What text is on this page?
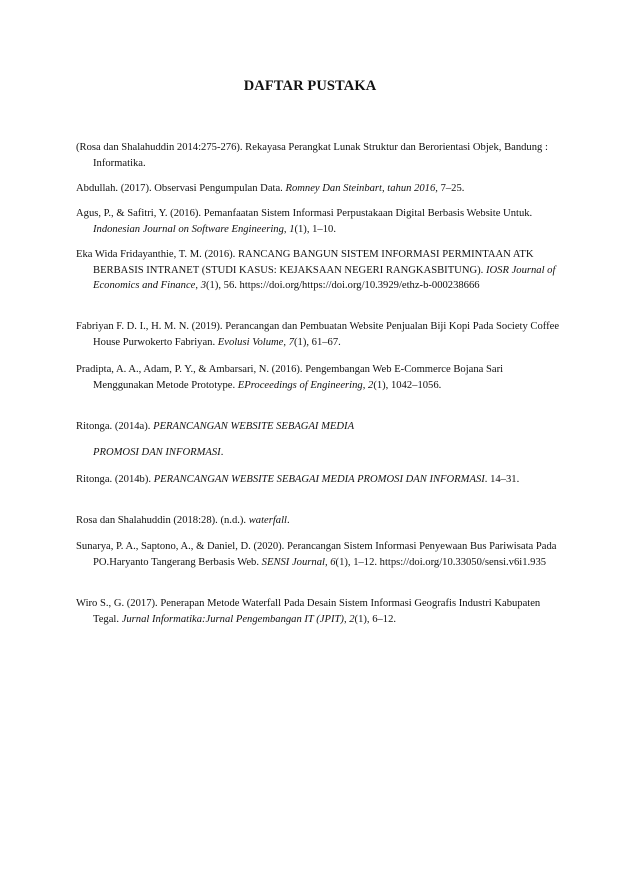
DAFTAR PUSTAKA
(Rosa dan Shalahuddin 2014:275-276). Rekayasa Perangkat Lunak Struktur dan Berorientasi Objek, Bandung : Informatika.
Abdullah. (2017). Observasi Pengumpulan Data. Romney Dan Steinbart, tahun 2016, 7–25.
Agus, P., & Safitri, Y. (2016). Pemanfaatan Sistem Informasi Perpustakaan Digital Berbasis Website Untuk. Indonesian Journal on Software Engineering, 1(1), 1–10.
Eka Wida Fridayanthie, T. M. (2016). RANCANG BANGUN SISTEM INFORMASI PERMINTAAN ATK BERBASIS INTRANET (STUDI KASUS: KEJAKSAAN NEGERI RANGKASBITUNG). IOSR Journal of Economics and Finance, 3(1), 56. https://doi.org/https://doi.org/10.3929/ethz-b-000238666
Fabriyan F. D. I., H. M. N. (2019). Perancangan dan Pembuatan Website Penjualan Biji Kopi Pada Society Coffee House Purwokerto Fabriyan. Evolusi Volume, 7(1), 61–67.
Pradipta, A. A., Adam, P. Y., & Ambarsari, N. (2016). Pengembangan Web E-Commerce Bojana Sari Menggunakan Metode Prototype. EProceedings of Engineering, 2(1), 1042–1056.
Ritonga. (2014a). PERANCANGAN WEBSITE SEBAGAI MEDIA
PROMOSI DAN INFORMASI.
Ritonga. (2014b). PERANCANGAN WEBSITE SEBAGAI MEDIA PROMOSI DAN INFORMASI. 14–31.
Rosa dan Shalahuddin (2018:28). (n.d.). waterfall.
Sunarya, P. A., Saptono, A., & Daniel, D. (2020). Perancangan Sistem Informasi Penyewaan Bus Pariwisata Pada PO.Haryanto Tangerang Berbasis Web. SENSI Journal, 6(1), 1–12. https://doi.org/10.33050/sensi.v6i1.935
Wiro S., G. (2017). Penerapan Metode Waterfall Pada Desain Sistem Informasi Geografis Industri Kabupaten Tegal. Jurnal Informatika:Jurnal Pengembangan IT (JPIT), 2(1), 6–12.
